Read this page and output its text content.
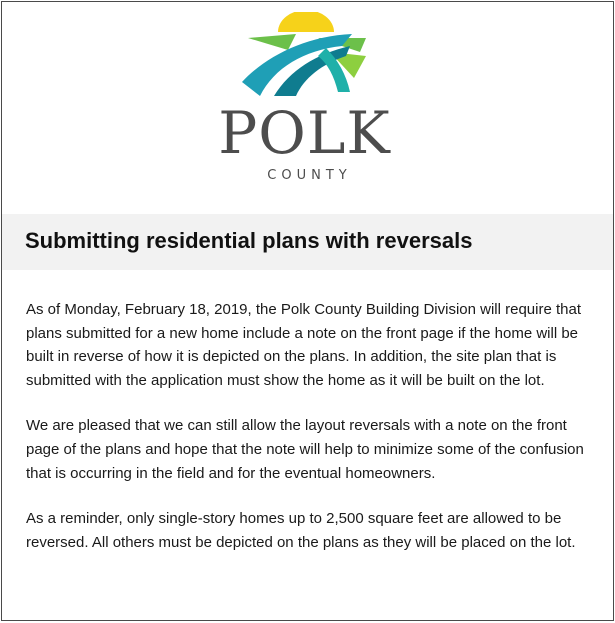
POLK
COUNTY
Submitting residential plans with reversals

As of Monday, February 18, 2019, the Polk County Building Division will require that plans submitted for a new home include a note on the front page if the home will be built in reverse of how it is depicted on the plans. In addition, the site plan that is submitted with the application must show the home as it will be built on the lot.

We are pleased that we can still allow the layout reversals with a note on the front page of the plans and hope that the note will help to minimize some of the confusion that is occurring in the field and for the eventual homeowners.

As a reminder, only single-story homes up to 2,500 square feet are allowed to be reversed. All others must be depicted on the plans as they will be placed on the lot.
